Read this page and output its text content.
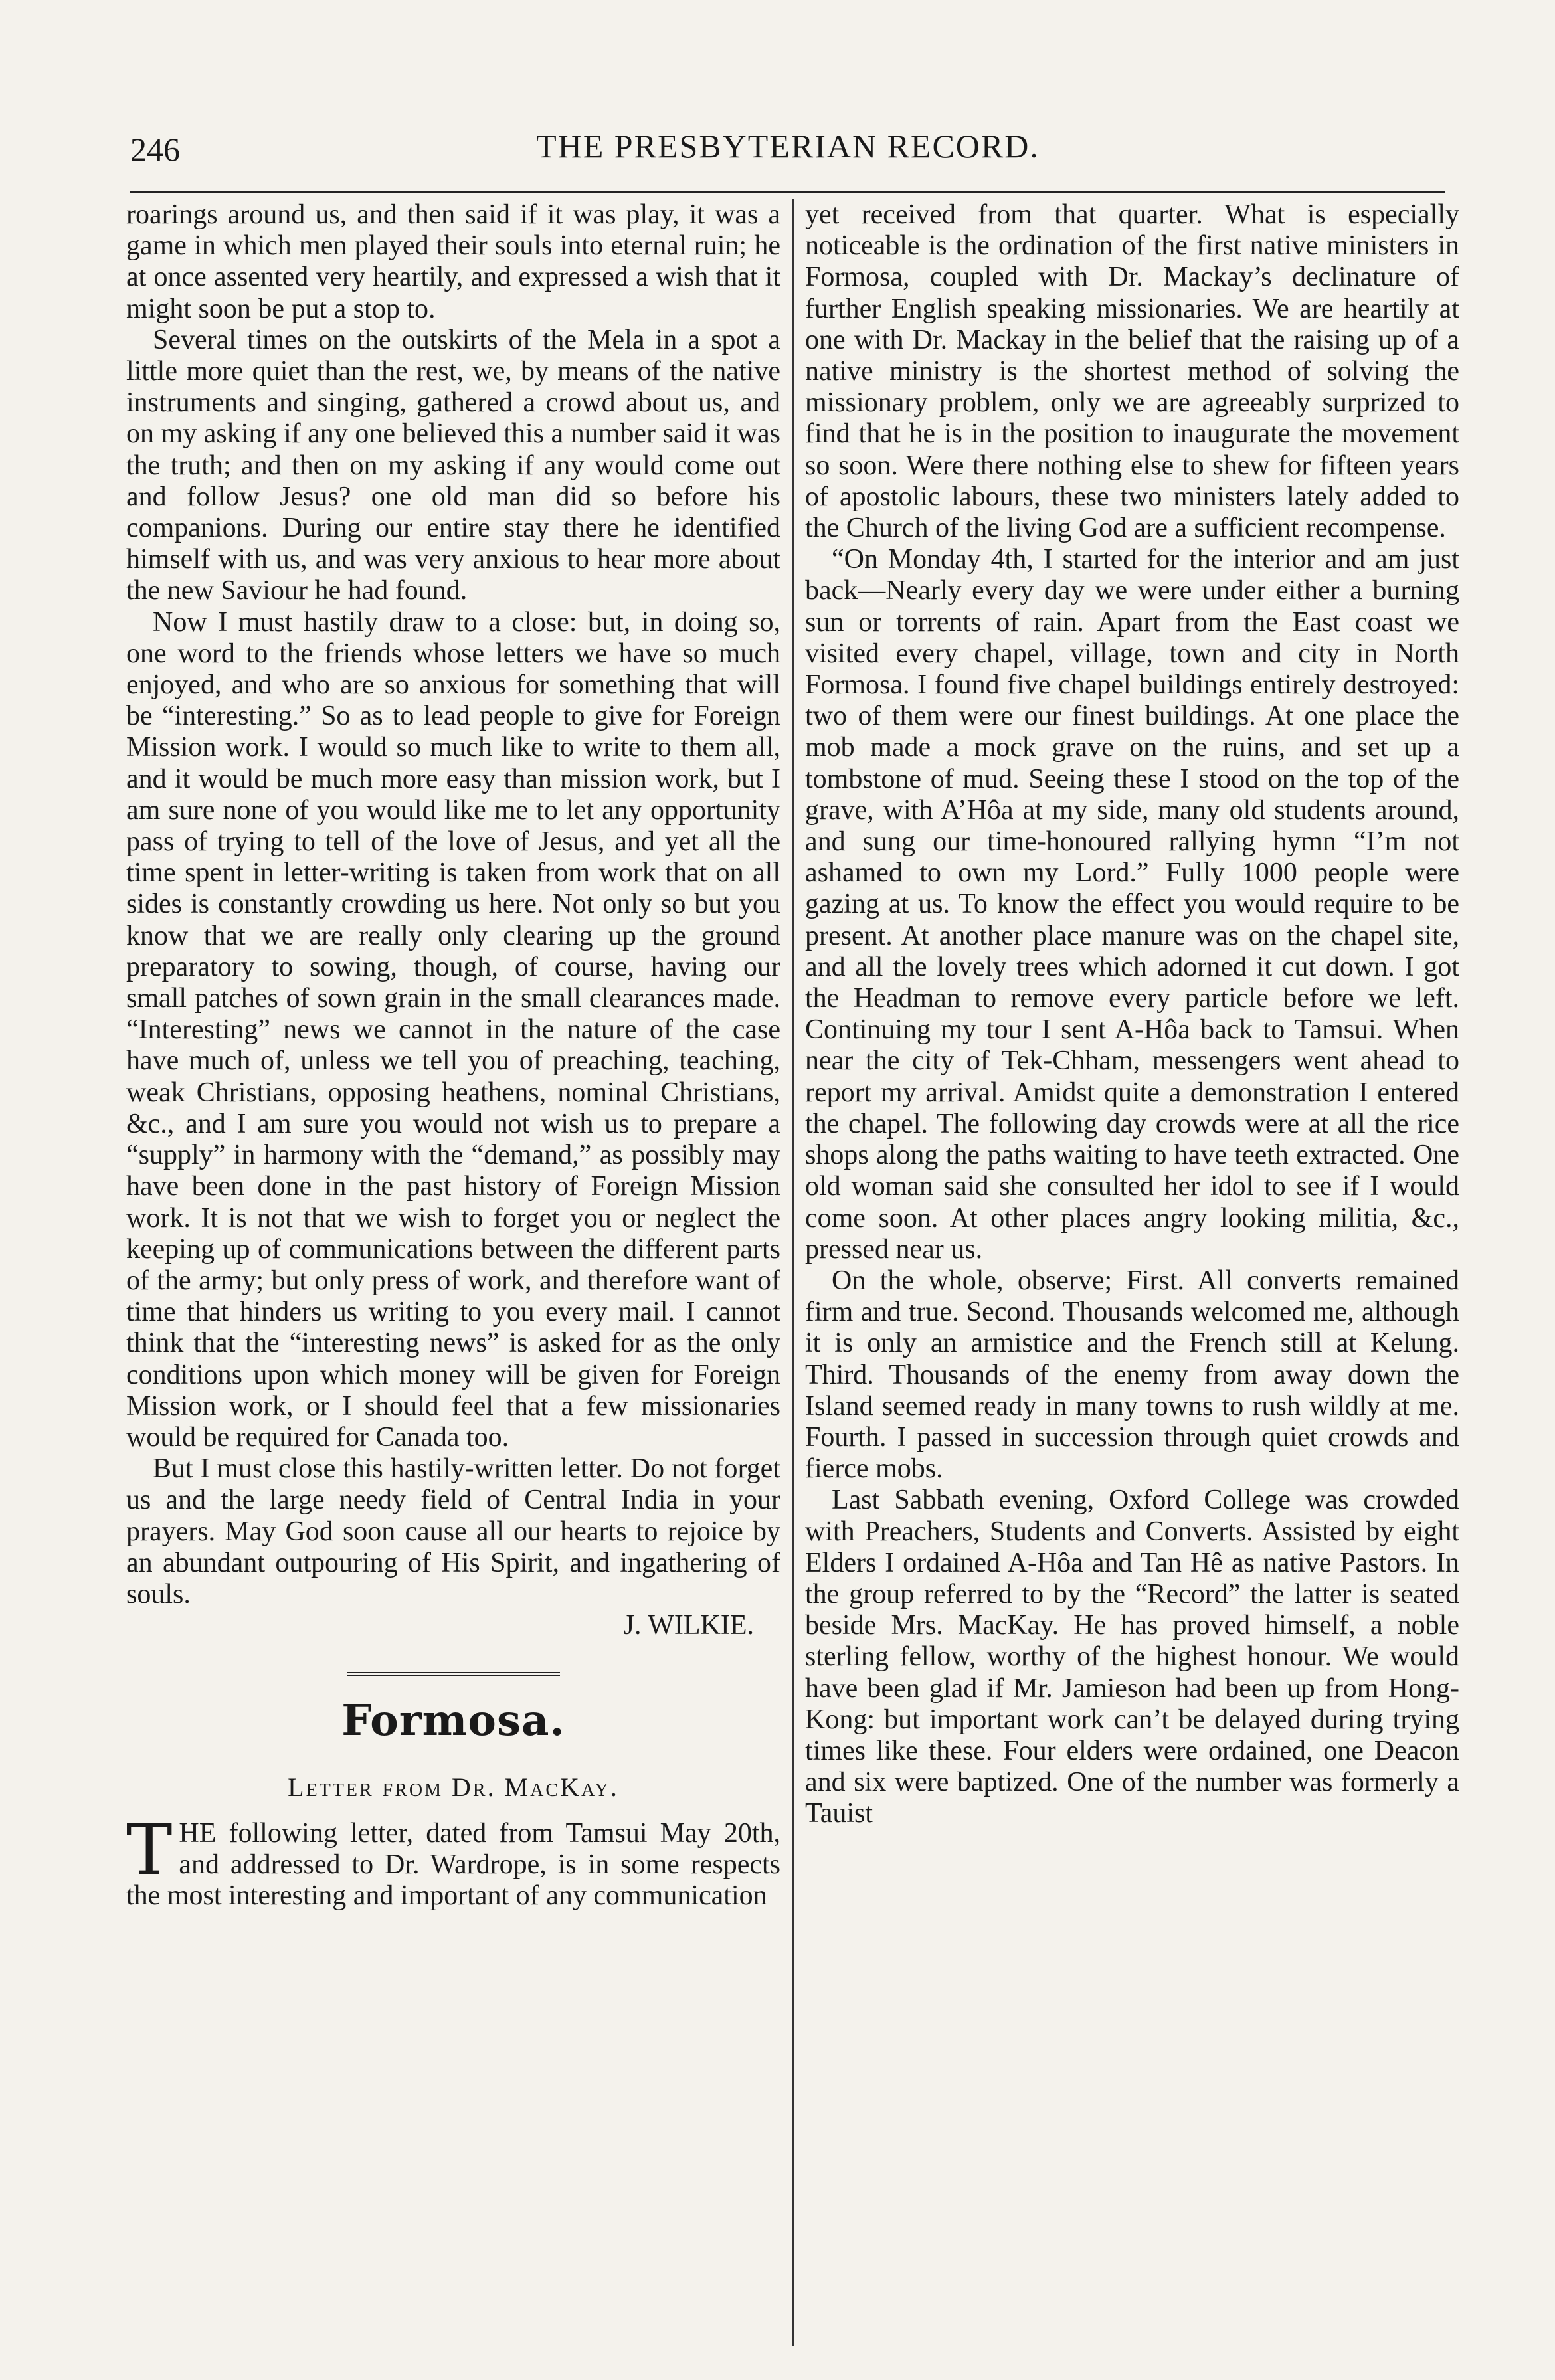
246	THE PRESBYTERIAN RECORD.

roarings around us, and then said if it was play, it was a game in which men played their souls into eternal ruin; he at once assented very heartily, and expressed a wish that it might soon be put a stop to.

Several times on the outskirts of the Mela in a spot a little more quiet than the rest, we, by means of the native instruments and singing, gathered a crowd about us, and on my asking if any one believed this a number said it was the truth; and then on my asking if any would come out and follow Jesus? one old man did so before his companions. During our entire stay there he identified himself with us, and was very anxious to hear more about the new Saviour he had found.

Now I must hastily draw to a close: but, in doing so, one word to the friends whose letters we have so much enjoyed, and who are so anxious for something that will be “interesting.” So as to lead people to give for Foreign Mission work. I would so much like to write to them all, and it would be much more easy than mission work, but I am sure none of you would like me to let any opportunity pass of trying to tell of the love of Jesus, and yet all the time spent in letter-writing is taken from work that on all sides is constantly crowding us here. Not only so but you know that we are really only clearing up the ground preparatory to sowing, though, of course, having our small patches of sown grain in the small clearances made. “Interesting” news we cannot in the nature of the case have much of, unless we tell you of preaching, teaching, weak Christians, opposing heathens, nominal Christians, &c., and I am sure you would not wish us to prepare a “supply” in harmony with the “demand,” as possibly may have been done in the past history of Foreign Mission work. It is not that we wish to forget you or neglect the keeping up of communications between the different parts of the army; but only press of work, and therefore want of time that hinders us writing to you every mail. I cannot think that the “interesting news” is asked for as the only conditions upon which money will be given for Foreign Mission work, or I should feel that a few missionaries would be required for Canada too.

But I must close this hastily-written letter. Do not forget us and the large needy field of Central India in your prayers. May God soon cause all our hearts to rejoice by an abundant outpouring of His Spirit, and ingathering of souls.

J. WILKIE.

Formosa.
Letter from Dr. MacKay.

THE following letter, dated from Tamsui May 20th, and addressed to Dr. Wardrope, is in some respects the most interesting and important of any communication

yet received from that quarter. What is especially noticeable is the ordination of the first native ministers in Formosa, coupled with Dr. Mackay’s declinature of further English speaking missionaries. We are heartily at one with Dr. Mackay in the belief that the raising up of a native ministry is the shortest method of solving the missionary problem, only we are agreeably surprized to find that he is in the position to inaugurate the movement so soon. Were there nothing else to shew for fifteen years of apostolic labours, these two ministers lately added to the Church of the living God are a sufficient recompense.

“On Monday 4th, I started for the interior and am just back—Nearly every day we were under either a burning sun or torrents of rain. Apart from the East coast we visited every chapel, village, town and city in North Formosa. I found five chapel buildings entirely destroyed: two of them were our finest buildings. At one place the mob made a mock grave on the ruins, and set up a tombstone of mud. Seeing these I stood on the top of the grave, with A’Hôa at my side, many old students around, and sung our time-honoured rallying hymn “I’m not ashamed to own my Lord.” Fully 1000 people were gazing at us. To know the effect you would require to be present. At another place manure was on the chapel site, and all the lovely trees which adorned it cut down. I got the Headman to remove every particle before we left. Continuing my tour I sent A-Hôa back to Tamsui. When near the city of Tek-Chham, messengers went ahead to report my arrival. Amidst quite a demonstration I entered the chapel. The following day crowds were at all the rice shops along the paths waiting to have teeth extracted. One old woman said she consulted her idol to see if I would come soon. At other places angry looking militia, &c., pressed near us.

On the whole, observe; First. All converts remained firm and true. Second. Thousands welcomed me, although it is only an armistice and the French still at Kelung. Third. Thousands of the enemy from away down the Island seemed ready in many towns to rush wildly at me. Fourth. I passed in succession through quiet crowds and fierce mobs.

Last Sabbath evening, Oxford College was crowded with Preachers, Students and Converts. Assisted by eight Elders I ordained A-Hôa and Tan Hê as native Pastors. In the group referred to by the “Record” the latter is seated beside Mrs. MacKay. He has proved himself, a noble sterling fellow, worthy of the highest honour. We would have been glad if Mr. Jamieson had been up from Hong-Kong: but important work can’t be delayed during trying times like these. Four elders were ordained, one Deacon and six were baptized. One of the number was formerly a Tauist
